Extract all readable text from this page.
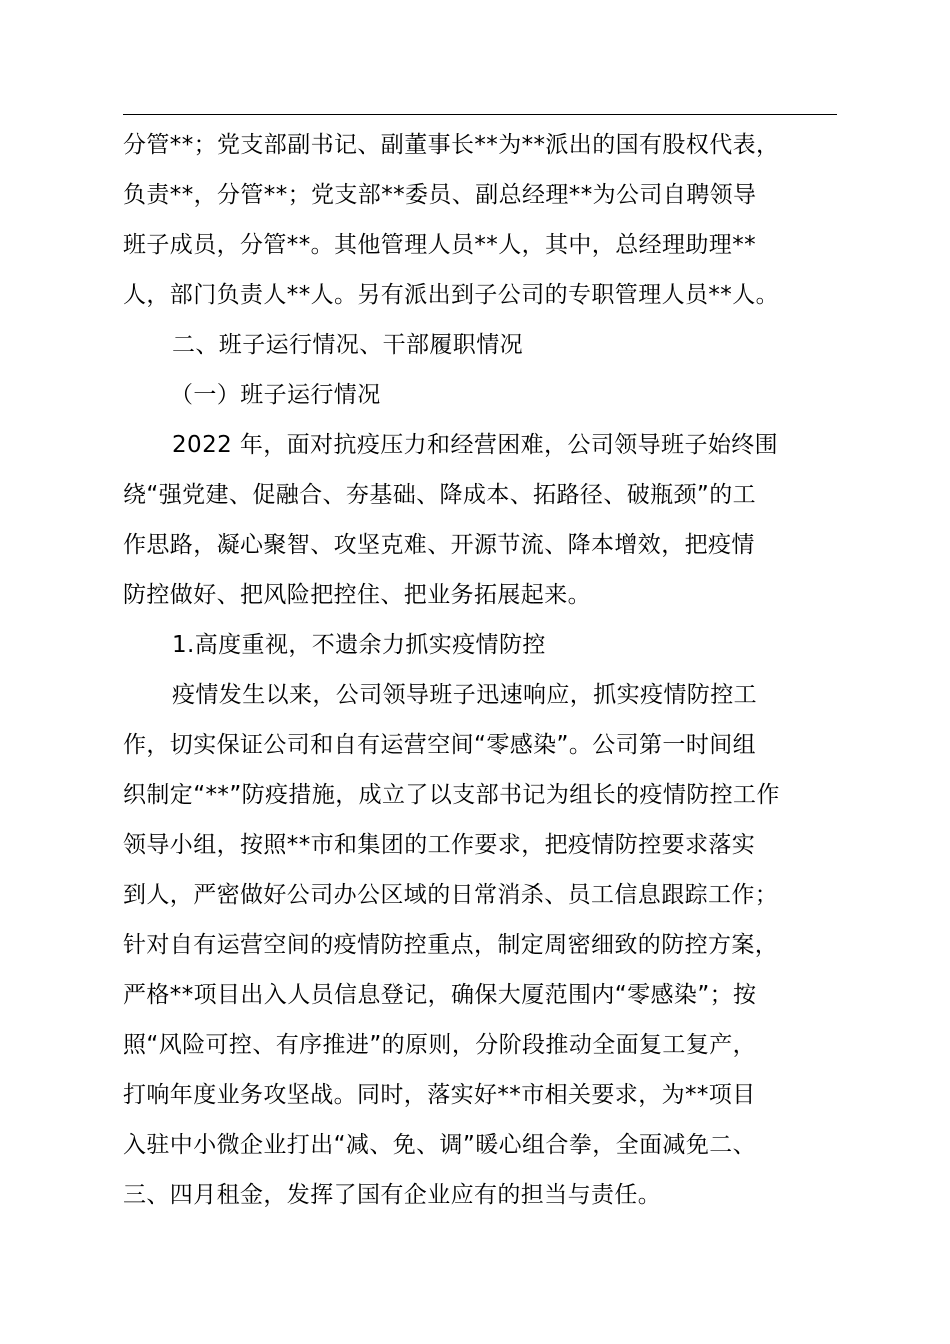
分管**；党支部副书记、副董事长**为**派出的国有股权代表，
负责**，分管**；党支部**委员、副总经理**为公司自聘领导
班子成员，分管**。其他管理人员**人，其中，总经理助理**
人，部门负责人**人。另有派出到子公司的专职管理人员**人。
二、班子运行情况、干部履职情况
（一）班子运行情况
2022 年，面对抗疫压力和经营困难，公司领导班子始终围
绕“强党建、促融合、夯基础、降成本、拓路径、破瓶颈”的工
作思路，凝心聚智、攻坚克难、开源节流、降本增效，把疫情
防控做好、把风险把控住、把业务拓展起来。
1.高度重视，不遗余力抓实疫情防控
疫情发生以来，公司领导班子迅速响应，抓实疫情防控工
作，切实保证公司和自有运营空间“零感染”。公司第一时间组
织制定“**”防疫措施，成立了以支部书记为组长的疫情防控工作
领导小组，按照**市和集团的工作要求，把疫情防控要求落实
到人，严密做好公司办公区域的日常消杀、员工信息跟踪工作；
针对自有运营空间的疫情防控重点，制定周密细致的防控方案，
严格**项目出入人员信息登记，确保大厦范围内“零感染”；按
照“风险可控、有序推进”的原则，分阶段推动全面复工复产，
打响年度业务攻坚战。同时，落实好**市相关要求，为**项目
入驻中小微企业打出“减、免、调”暖心组合拳，全面减免二、
三、四月租金，发挥了国有企业应有的担当与责任。
